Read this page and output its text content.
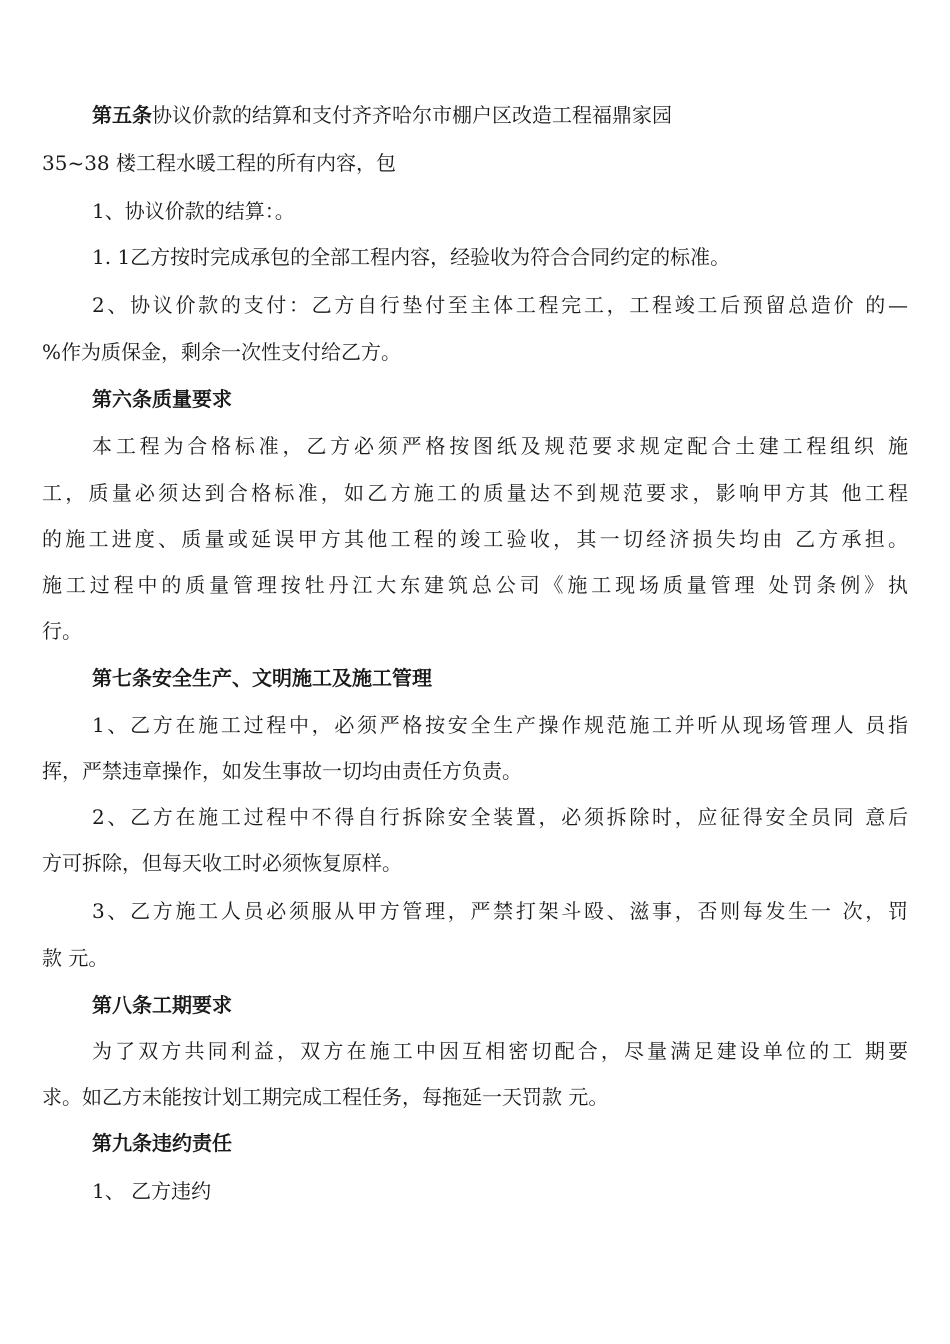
第五条协议价款的结算和支付齐齐哈尔市棚户区改造工程福鼎家园
35~38 楼工程水暖工程的所有内容，包
1、协议价款的结算：。
1. 1乙方按时完成承包的全部工程内容，经验收为符合合同约定的标准。
2、协议价款的支付：乙方自行垫付至主体工程完工，工程竣工后预留总造价 的—
%作为质保金，剩余一次性支付给乙方。
第六条质量要求
本工程为合格标准，乙方必须严格按图纸及规范要求规定配合土建工程组织 施
工，质量必须达到合格标准，如乙方施工的质量达不到规范要求，影响甲方其 他工程
的施工进度、质量或延误甲方其他工程的竣工验收，其一切经济损失均由 乙方承担。
施工过程中的质量管理按牡丹江大东建筑总公司《施工现场质量管理 处罚条例》执
行。
第七条安全生产、文明施工及施工管理
1、乙方在施工过程中，必须严格按安全生产操作规范施工并听从现场管理人 员指
挥，严禁违章操作，如发生事故一切均由责任方负责。
2、乙方在施工过程中不得自行拆除安全装置，必须拆除时，应征得安全员同 意后
方可拆除，但每天收工时必须恢复原样。
3、乙方施工人员必须服从甲方管理，严禁打架斗殴、滋事，否则每发生一 次，罚
款 元。
第八条工期要求
为了双方共同利益，双方在施工中因互相密切配合，尽量满足建设单位的工 期要
求。如乙方未能按计划工期完成工程任务，每拖延一天罚款 元。
第九条违约责任
1、 乙方违约
